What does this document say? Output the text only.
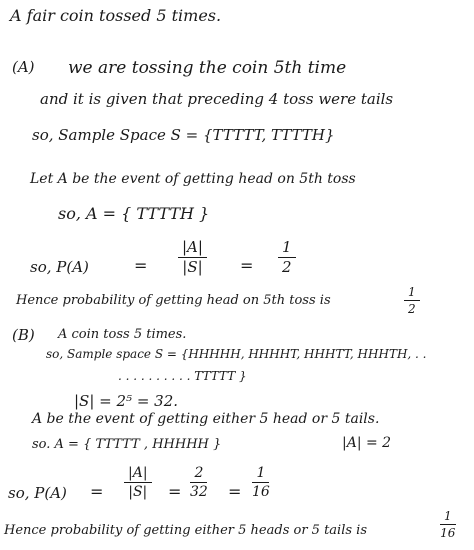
A fair coin tossed 5 times.
(A) we are tossing the coin 5th time
and it is given that preceding 4 toss were tails
so, Sample Space S = {TTTTT, TTTTH}
Let A be the event of getting head on 5th toss
so, A = { TTTTH }
so, P(A)	= $\frac{|A|}{|S|} = \frac{1}{2}$
Hence probability of getting head on 5th toss is	$\frac{1}{2}$
(B) A coin toss 5 times.
so, Sample space S = {HHHHH, HHHHT, HHHTT, HHHTH, . .
. . . . . . . . . . TTTTT }
|S| = 2⁵ = 32.
A be the event of getting either 5 head or 5 tails.
so. A = { TTTTT , HHHHH }	|A| = 2
so, $P(A) = \frac{|A|}{|S|} = \frac{2}{32} = \frac{1}{16}$
Hence probability of getting either 5 heads or 5 tails is	$\frac{1}{16}$
